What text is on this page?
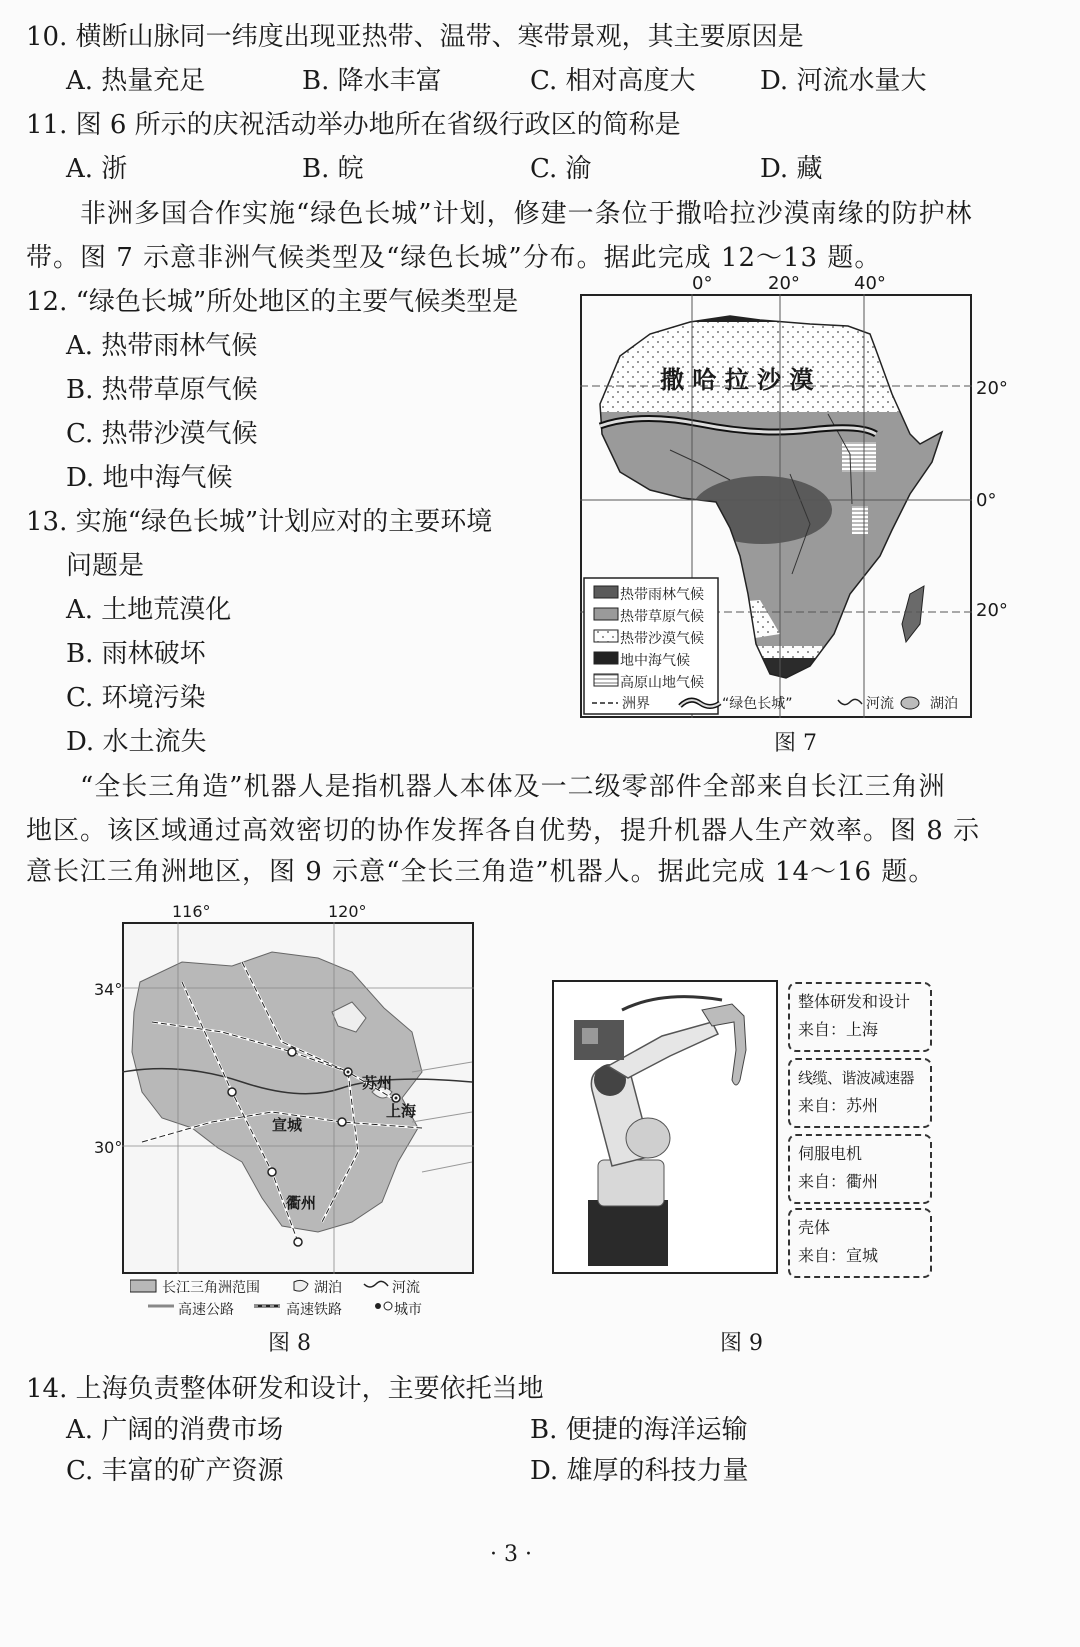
10. 横断山脉同一纬度出现亚热带、温带、寒带景观，其主要原因是
A. 热量充足	B. 降水丰富	C. 相对高度大 D. 河流水量大
11. 图 6 所示的庆祝活动举办地所在省级行政区的简称是
A. 浙	B. 皖	C. 渝	D. 藏
非洲多国合作实施“绿色长城”计划，修建一条位于撒哈拉沙漠南缘的防护林
带。图 7 示意非洲气候类型及“绿色长城”分布。据此完成 12～13 题。
12. “绿色长城”所处地区的主要气候类型是
A. 热带雨林气候
B. 热带草原气候
C. 热带沙漠气候
D. 地中海气候
13. 实施“绿色长城”计划应对的主要环境
问题是
A. 土地荒漠化
B. 雨林破坏
C. 环境污染
D. 水土流失
0°	20°	40°
撒 哈 拉 沙 漠	20°
0°
20°
热带雨林气候
热带草原气候
热带沙漠气候
地中海气候
高原山地气候
洲界	“绿色长城”	河流	湖泊
图 7
“全长三角造”机器人是指机器人本体及一二级零部件全部来自长江三角洲
地区。该区域通过高效密切的协作发挥各自优势，提升机器人生产效率。图 8 示
意长江三角洲地区，图 9 示意“全长三角造”机器人。据此完成 14～16 题。
116°	120°
34°
30°
苏州
上海
宣城
衢州
长江三角洲范围	湖泊	河流
高速公路	高速铁路	城市
图 8
整体研发和设计
来自：上海
线缆、谐波减速器
来自：苏州
伺服电机
来自：衢州
壳体
来自：宣城
图 9
14. 上海负责整体研发和设计，主要依托当地
A. 广阔的消费市场	B. 便捷的海洋运输
C. 丰富的矿产资源	D. 雄厚的科技力量
· 3 ·
